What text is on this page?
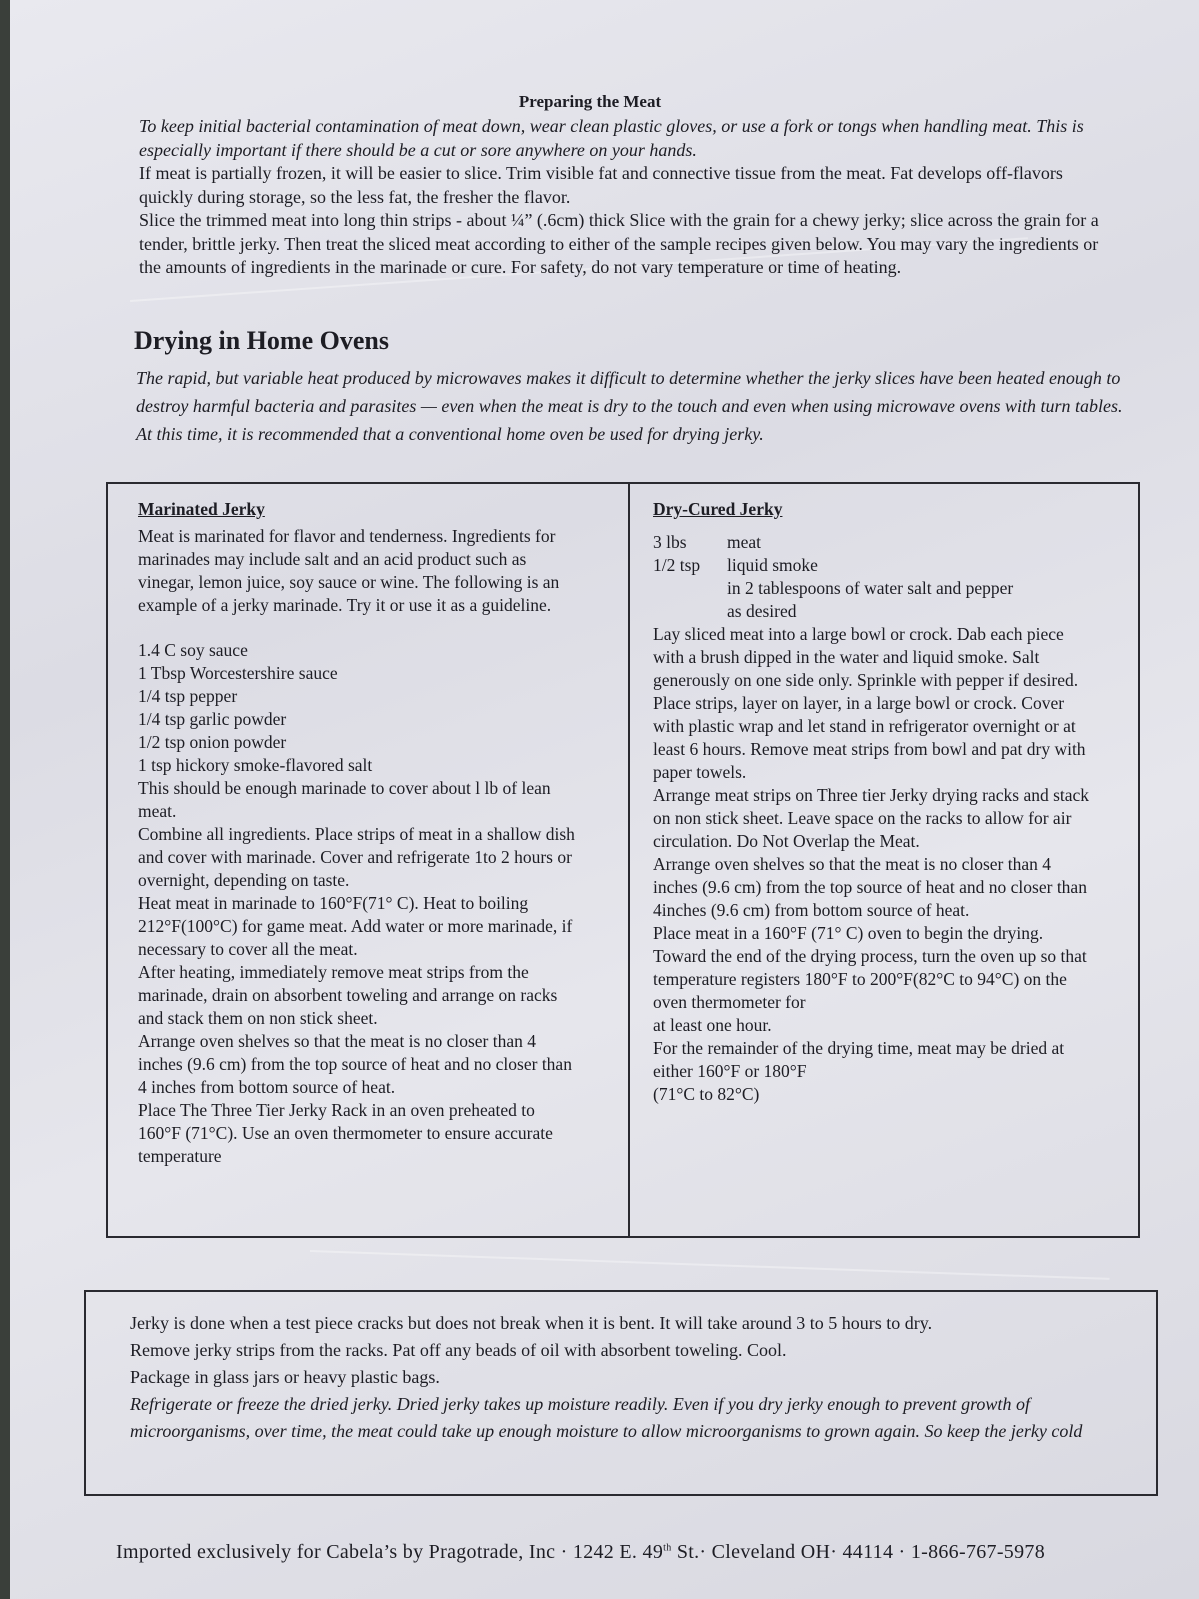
Preparing the Meat

To keep initial bacterial contamination of meat down, wear clean plastic gloves, or use a fork or tongs when handling meat. This is especially important if there should be a cut or sore anywhere on your hands.

If meat is partially frozen, it will be easier to slice. Trim visible fat and connective tissue from the meat. Fat develops off-flavors quickly during storage, so the less fat, the fresher the flavor.

Slice the trimmed meat into long thin strips - about ¼” (.6cm) thick Slice with the grain for a chewy jerky; slice across the grain for a tender, brittle jerky. Then treat the sliced meat according to either of the sample recipes given below. You may vary the ingredients or the amounts of ingredients in the marinade or cure. For safety, do not vary temperature or time of heating.

Drying in Home Ovens
The rapid, but variable heat produced by microwaves makes it difficult to determine whether the jerky slices have been heated enough to destroy harmful bacteria and parasites — even when the meat is dry to the touch and even when using microwave ovens with turn tables. At this time, it is recommended that a conventional home oven be used for drying jerky.
Marinated Jerky

Meat is marinated for flavor and tenderness. Ingredients for marinades may include salt and an acid product such as vinegar, lemon juice, soy sauce or wine. The following is an example of a jerky marinade. Try it or use it as a guideline.

1.4 C soy sauce

1 Tbsp Worcestershire sauce

1/4 tsp pepper

1/4 tsp garlic powder

1/2 tsp onion powder

1 tsp hickory smoke-flavored salt

This should be enough marinade to cover about l lb of lean meat.

Combine all ingredients. Place strips of meat in a shallow dish and cover with marinade. Cover and refrigerate 1to 2 hours or overnight, depending on taste.

Heat meat in marinade to 160°F(71° C). Heat to boiling 212°F(100°C) for game meat. Add water or more marinade, if necessary to cover all the meat.

After heating, immediately remove meat strips from the marinade, drain on absorbent toweling and arrange on racks and stack them on non stick sheet.

Arrange oven shelves so that the meat is no closer than 4 inches (9.6 cm) from the top source of heat and no closer than 4 inches from bottom source of heat.

Place The Three Tier Jerky Rack in an oven preheated to 160°F (71°C). Use an oven thermometer to ensure accurate temperature

Dry-Cured Jerky
3 lbs	meat
1/2 tsp	liquid smoke

in 2 tablespoons of water salt and pepper

as desired

Lay sliced meat into a large bowl or crock. Dab each piece with a brush dipped in the water and liquid smoke. Salt generously on one side only. Sprinkle with pepper if desired.

Place strips, layer on layer, in a large bowl or crock. Cover with plastic wrap and let stand in refrigerator overnight or at least 6 hours. Remove meat strips from bowl and pat dry with paper towels.

Arrange meat strips on Three tier Jerky drying racks and stack on non stick sheet. Leave space on the racks to allow for air circulation. Do Not Overlap the Meat.

Arrange oven shelves so that the meat is no closer than 4 inches (9.6 cm) from the top source of heat and no closer than 4inches (9.6 cm) from bottom source of heat.

Place meat in a 160°F (71° C) oven to begin the drying. Toward the end of the drying process, turn the oven up so that temperature registers 180°F to 200°F(82°C to 94°C) on the oven thermometer for

at least one hour.

For the remainder of the drying time, meat may be dried at either 160°F or 180°F

(71°C to 82°C)

Jerky is done when a test piece cracks but does not break when it is bent. It will take around 3 to 5 hours to dry.

Remove jerky strips from the racks. Pat off any beads of oil with absorbent toweling. Cool.

Package in glass jars or heavy plastic bags.

Refrigerate or freeze the dried jerky. Dried jerky takes up moisture readily. Even if you dry jerky enough to prevent growth of microorganisms, over time, the meat could take up enough moisture to allow microorganisms to grown again. So keep the jerky cold

Imported exclusively for Cabela’s by Pragotrade, Inc · 1242 E. 49th St.· Cleveland OH· 44114 · 1-866-767-5978
